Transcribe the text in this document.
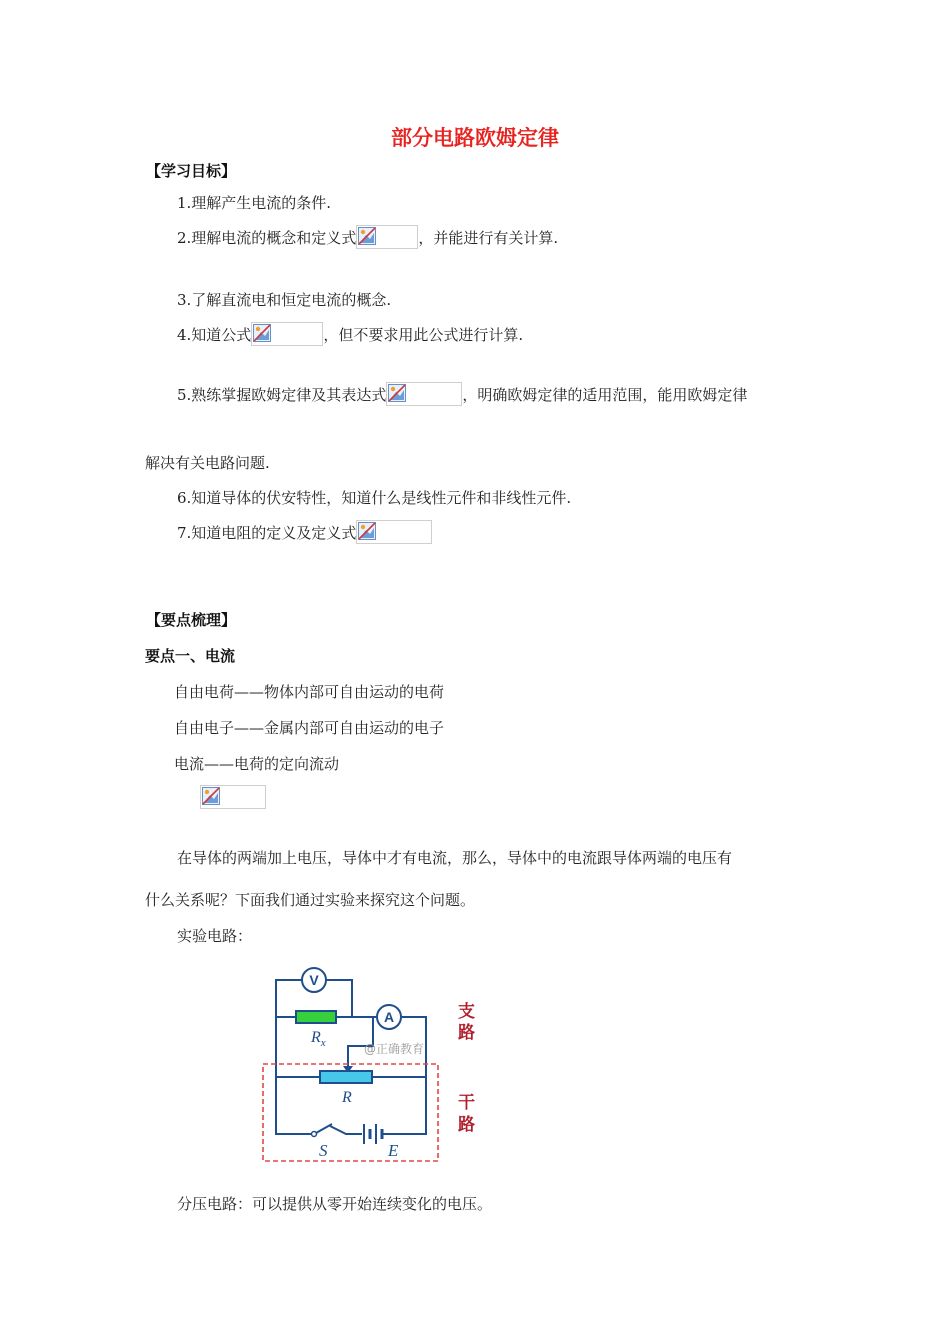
部分电路欧姆定律
【学习目标】
1.理解产生电流的条件.
2.理解电流的概念和定义式	，并能进行有关计算.
3.了解直流电和恒定电流的概念.
4.知道公式	，但不要求用此公式进行计算.
5.熟练掌握欧姆定律及其表达式	，明确欧姆定律的适用范围，能用欧姆定律
解决有关电路问题.
6.知道导体的伏安特性，知道什么是线性元件和非线性元件.
7.知道电阻的定义及定义式
【要点梳理】
要点一、电流
自由电荷——物体内部可自由运动的电荷
自由电子——金属内部可自由运动的电子
电流——电荷的定向流动
在导体的两端加上电压，导体中才有电流，那么，导体中的电流跟导体两端的电压有
什么关系呢？下面我们通过实验来探究这个问题。
实验电路：
V
A
$R_x$	@正确教育
R
S	E
支
路
干
路
分压电路：可以提供从零开始连续变化的电压。
